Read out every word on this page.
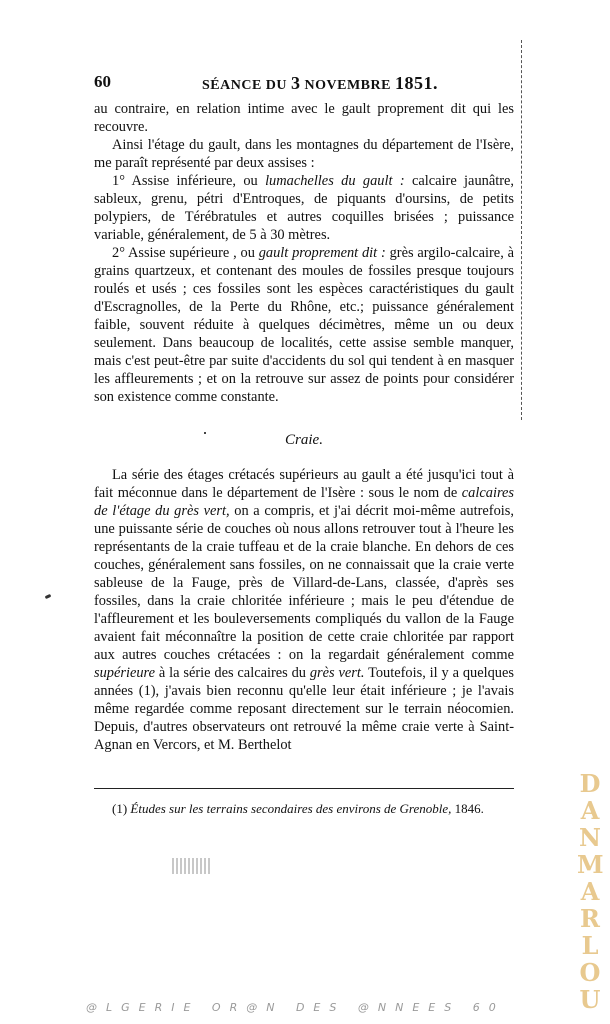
60	SÉANCE DU 3 NOVEMBRE 1851.

au contraire, en relation intime avec le gault proprement dit qui les recouvre.

Ainsi l'étage du gault, dans les montagnes du département de l'Isère, me paraît représenté par deux assises :

1° Assise inférieure, ou lumachelles du gault : calcaire jaunâtre, sableux, grenu, pétri d'Entroques, de piquants d'oursins, de petits polypiers, de Térébratules et autres coquilles brisées ; puissance variable, généralement, de 5 à 30 mètres.

2° Assise supérieure , ou gault proprement dit : grès argilo-calcaire, à grains quartzeux, et contenant des moules de fossiles presque toujours roulés et usés ; ces fossiles sont les espèces caractéristiques du gault d'Escragnolles, de la Perte du Rhône, etc.; puissance généralement faible, souvent réduite à quelques décimètres, même un ou deux seulement. Dans beaucoup de localités, cette assise semble manquer, mais c'est peut-être par suite d'accidents du sol qui tendent à en masquer les affleurements ; et on la retrouve sur assez de points pour considérer son existence comme constante.

Craie.

La série des étages crétacés supérieurs au gault a été jusqu'ici tout à fait méconnue dans le département de l'Isère : sous le nom de calcaires de l'étage du grès vert, on a compris, et j'ai décrit moi-même autrefois, une puissante série de couches où nous allons retrouver tout à l'heure les représentants de la craie tuffeau et de la craie blanche. En dehors de ces couches, généralement sans fossiles, on ne connaissait que la craie verte sableuse de la Fauge, près de Villard-de-Lans, classée, d'après ses fossiles, dans la craie chloritée inférieure ; mais le peu d'étendue de l'affleurement et les bouleversements compliqués du vallon de la Fauge avaient fait méconnaître la position de cette craie chloritée par rapport aux autres couches crétacées : on la regardait généralement comme supérieure à la série des calcaires du grès vert. Toutefois, il y a quelques années (1), j'avais bien reconnu qu'elle leur était inférieure ; je l'avais même regardée comme reposant directement sur le terrain néocomien. Depuis, d'autres observateurs ont retrouvé la même craie verte à Saint-Agnan en Vercors, et M. Berthelot

(1) Études sur les terrains secondaires des environs de Grenoble, 1846.

DANMARLOU
@LGERIE OR@N DES @NNEES 60
